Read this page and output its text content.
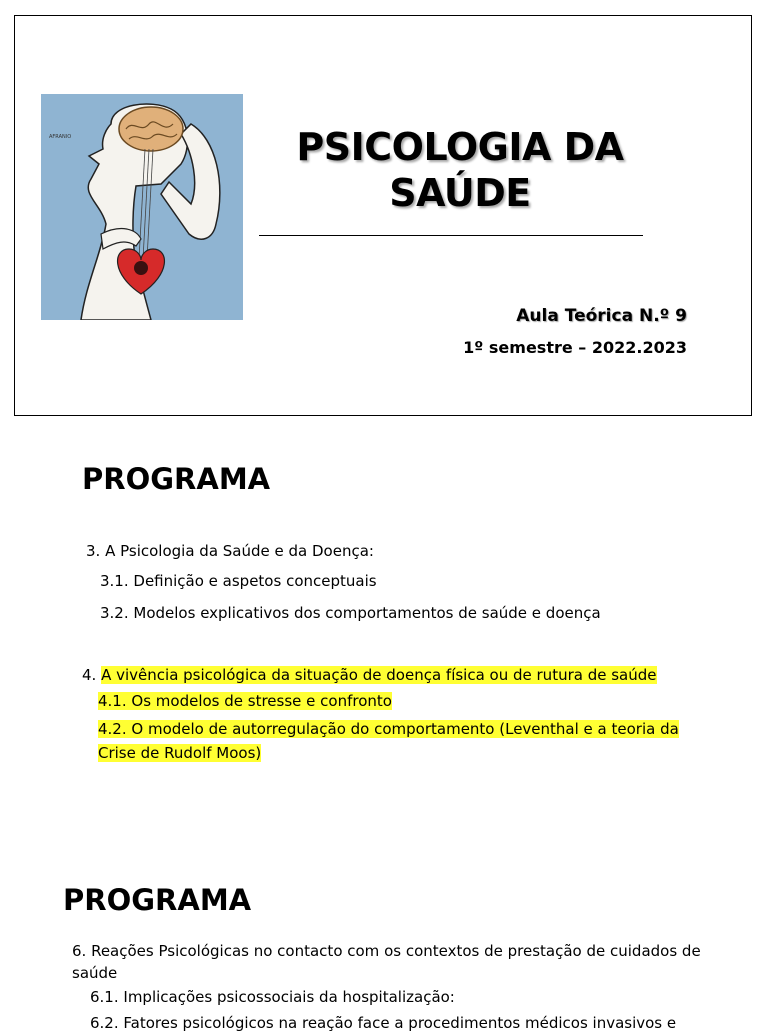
AFRANIO	PSICOLOGIA DA
SAÚDE
Aula Teórica N.º 9
1º semestre – 2022.2023
PROGRAMA
3. A Psicologia da Saúde e da Doença:
3.1. Definição e aspetos conceptuais
3.2. Modelos explicativos dos comportamentos de saúde e doença
4. A vivência psicológica da situação de doença física ou de rutura de saúde
4.1. Os modelos de stresse e confronto
4.2. O modelo de autorregulação do comportamento (Leventhal e a teoria da
Crise de Rudolf Moos)
PROGRAMA
6. Reações Psicológicas no contacto com os contextos de prestação de cuidados de saúde
6.1. Implicações psicossociais da hospitalização:
6.2. Fatores psicológicos na reação face a procedimentos médicos invasivos e
